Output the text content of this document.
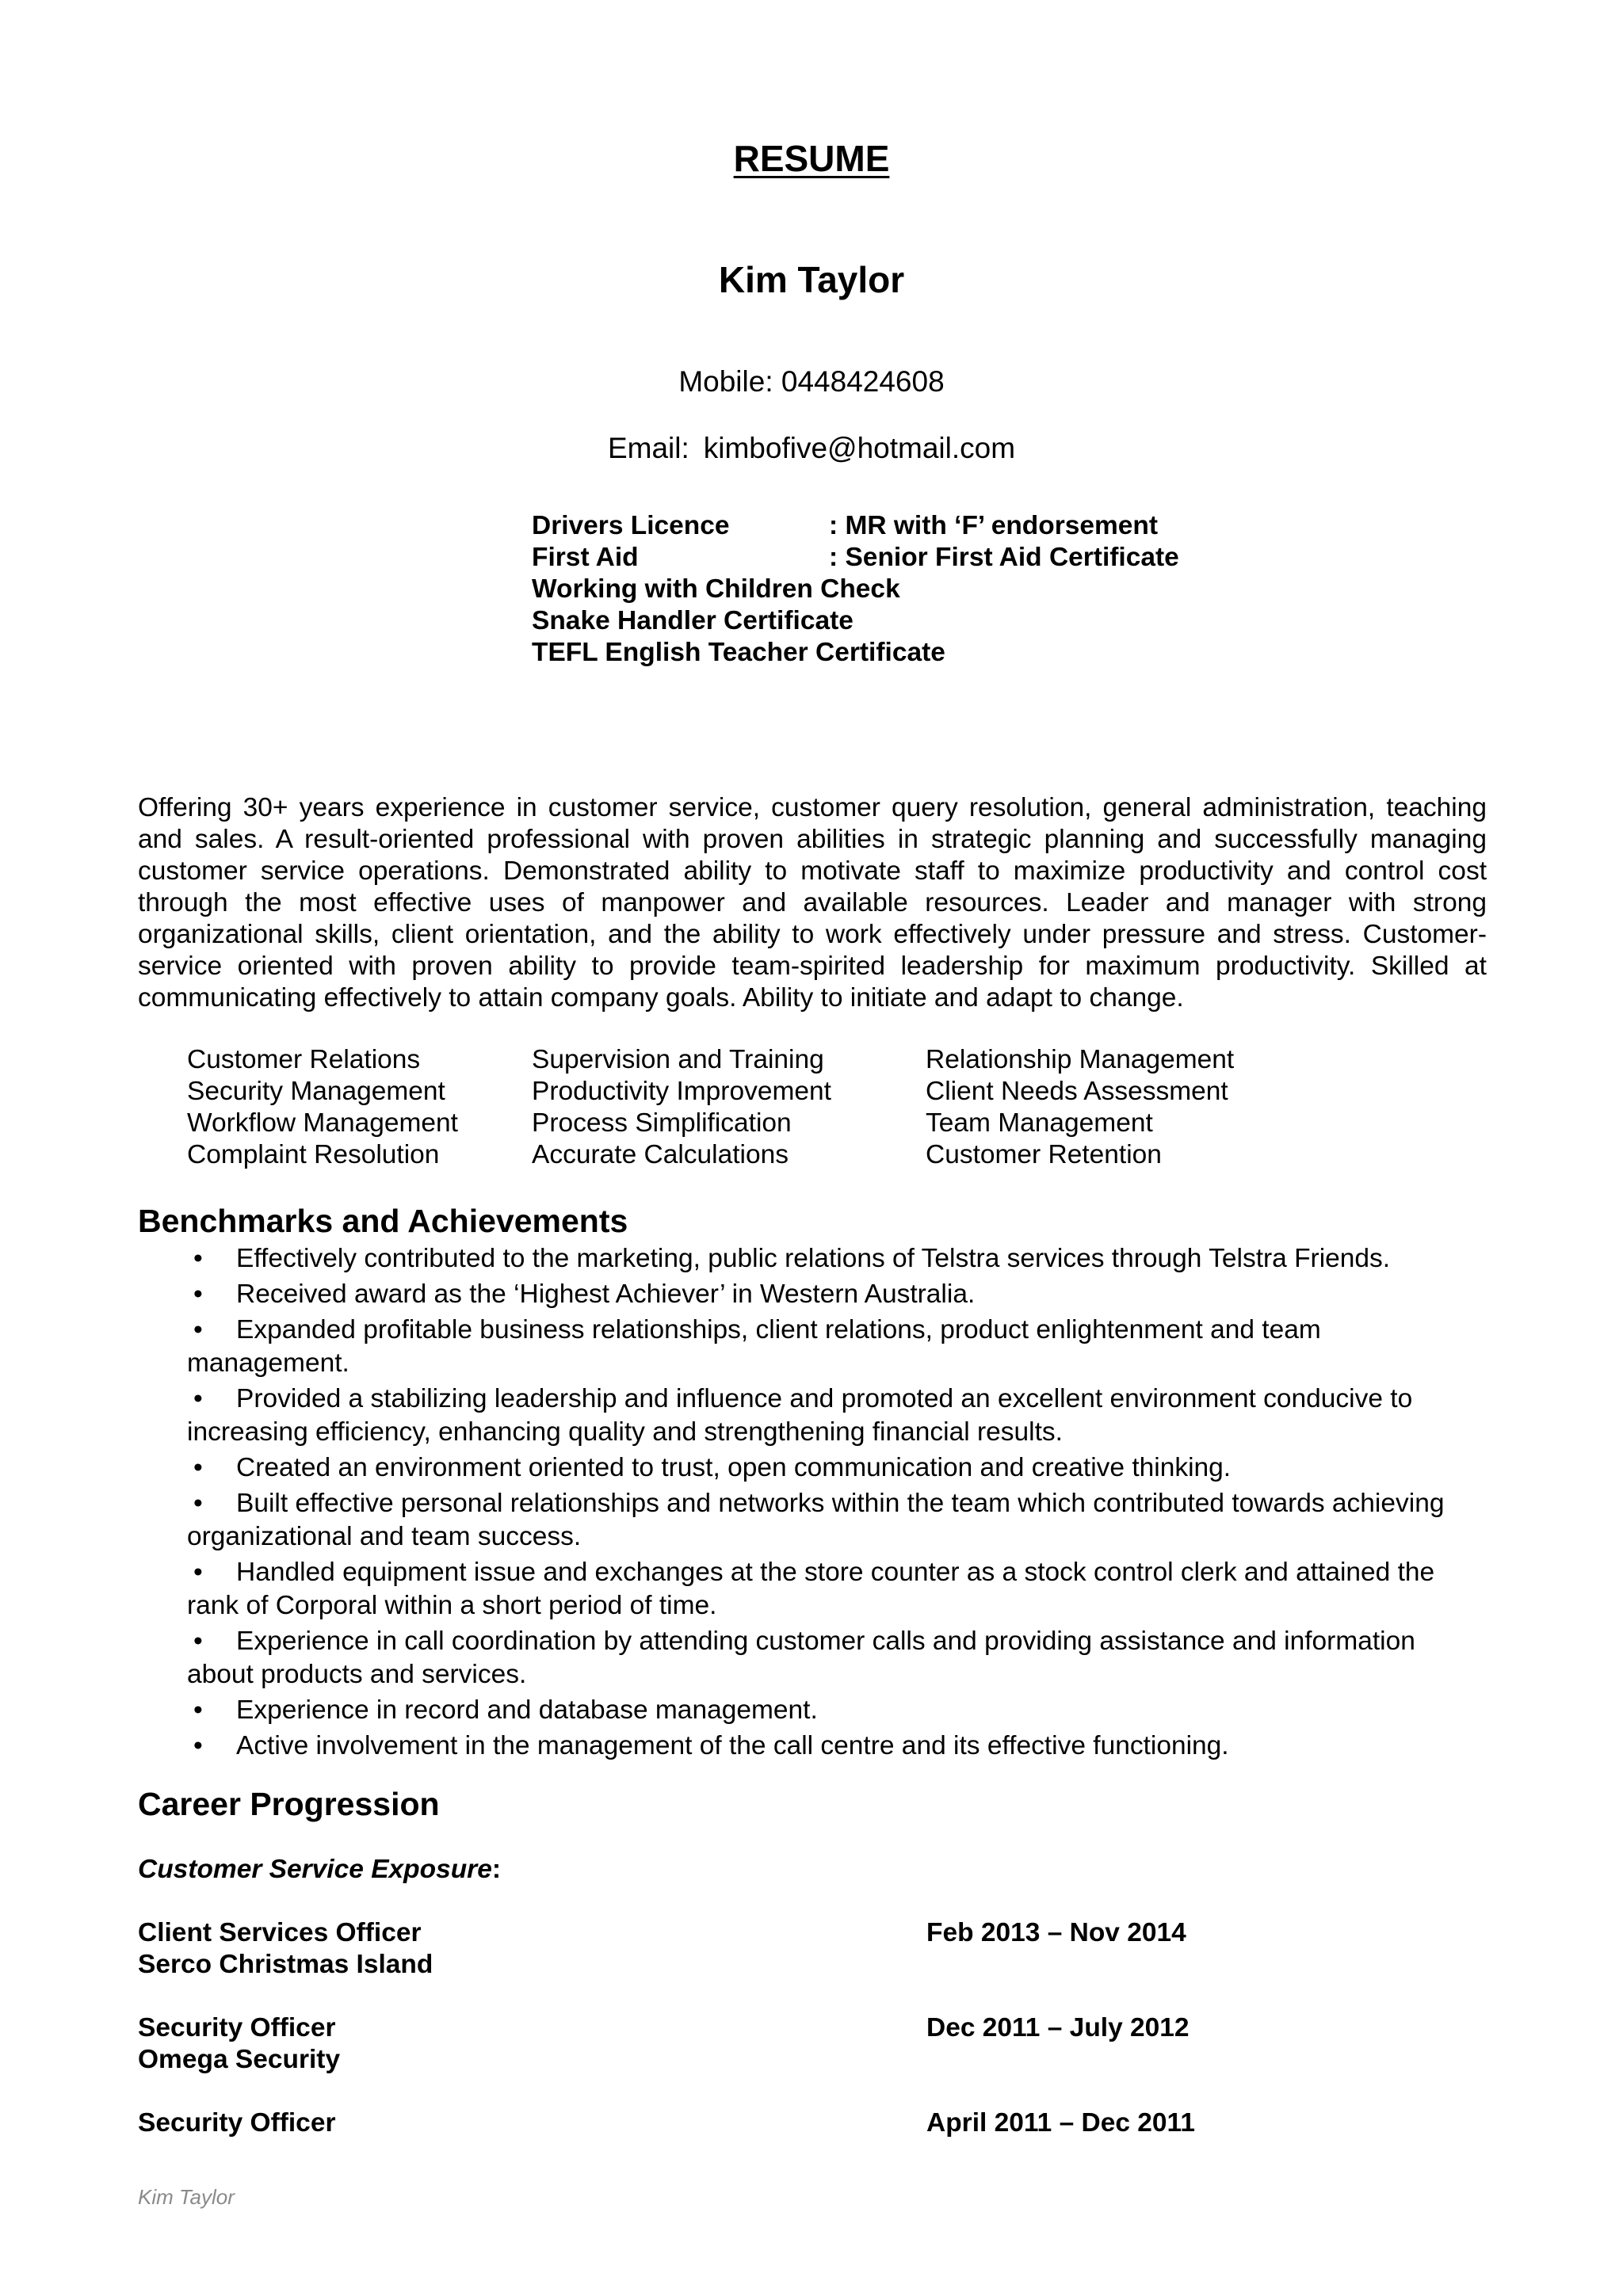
RESUME
Kim Taylor
Mobile: 0448424608
Email: kimbofive@hotmail.com
Drivers Licence	: MR with ‘F’ endorsement
First Aid	: Senior First Aid Certificate
Working with Children Check
Snake Handler Certificate
TEFL English Teacher Certificate
Offering 30+ years experience in customer service, customer query resolution, general administration, teaching and sales. A result-oriented professional with proven abilities in strategic planning and successfully managing customer service operations. Demonstrated ability to motivate staff to maximize productivity and control cost through the most effective uses of manpower and available resources. Leader and manager with strong organizational skills, client orientation, and the ability to work effectively under pressure and stress. Customer-service oriented with proven ability to provide team-spirited leadership for maximum productivity. Skilled at communicating effectively to attain company goals. Ability to initiate and adapt to change.
Customer Relations	Supervision and Training	Relationship Management
Security Management	Productivity Improvement	Client Needs Assessment
Workflow Management	Process Simplification	Team Management
Complaint Resolution	Accurate Calculations	Customer Retention
Benchmarks and Achievements
• Effectively contributed to the marketing, public relations of Telstra services through Telstra Friends.
• Received award as the ‘Highest Achiever’ in Western Australia.
• Expanded profitable business relationships, client relations, product enlightenment and team management.
• Provided a stabilizing leadership and influence and promoted an excellent environment conducive to increasing efficiency, enhancing quality and strengthening financial results.
• Created an environment oriented to trust, open communication and creative thinking.
• Built effective personal relationships and networks within the team which contributed towards achieving organizational and team success.
• Handled equipment issue and exchanges at the store counter as a stock control clerk and attained the rank of Corporal within a short period of time.
• Experience in call coordination by attending customer calls and providing assistance and information about products and services.
• Experience in record and database management.
• Active involvement in the management of the call centre and its effective functioning.
Career Progression
Customer Service Exposure:
Client Services Officer	Feb 2013 – Nov 2014
Serco Christmas Island
Security Officer	Dec 2011 – July 2012
Omega Security
Security Officer	April 2011 – Dec 2011
Kim Taylor
